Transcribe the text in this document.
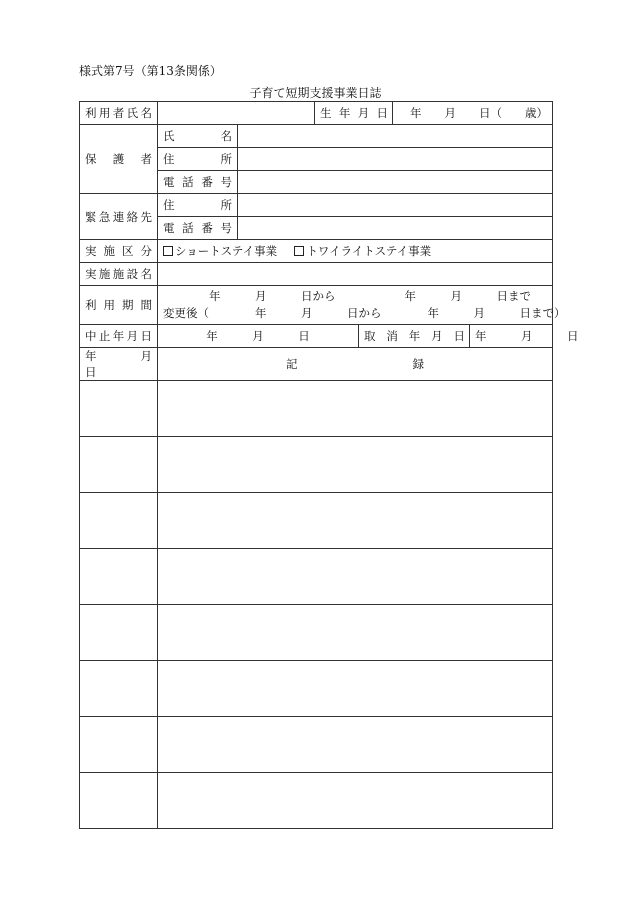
様式第7号（第13条関係）
子育て短期支援事業日誌
利用者氏名			生年月日		年　　月　　日（　　歳）	
保　護　者	氏　名					
	住　所					
	電話番号					
緊急連絡先	住　所					
	電話番号					
実施区分	ショートステイ事業 トワイライトステイ事業					
実施施設名						
利用期間	　　　　年　　　月　　　日から　　　　　　年　　　月　　　日まで
変更後（　　　　年　　　月　　　日から　　　　年　　　月　　　日まで）					

中止年月日	年　　　月　　　日			取消年月日		年　　　月　　　日
年　　月　　日	記　　　　　　　　　　録					
